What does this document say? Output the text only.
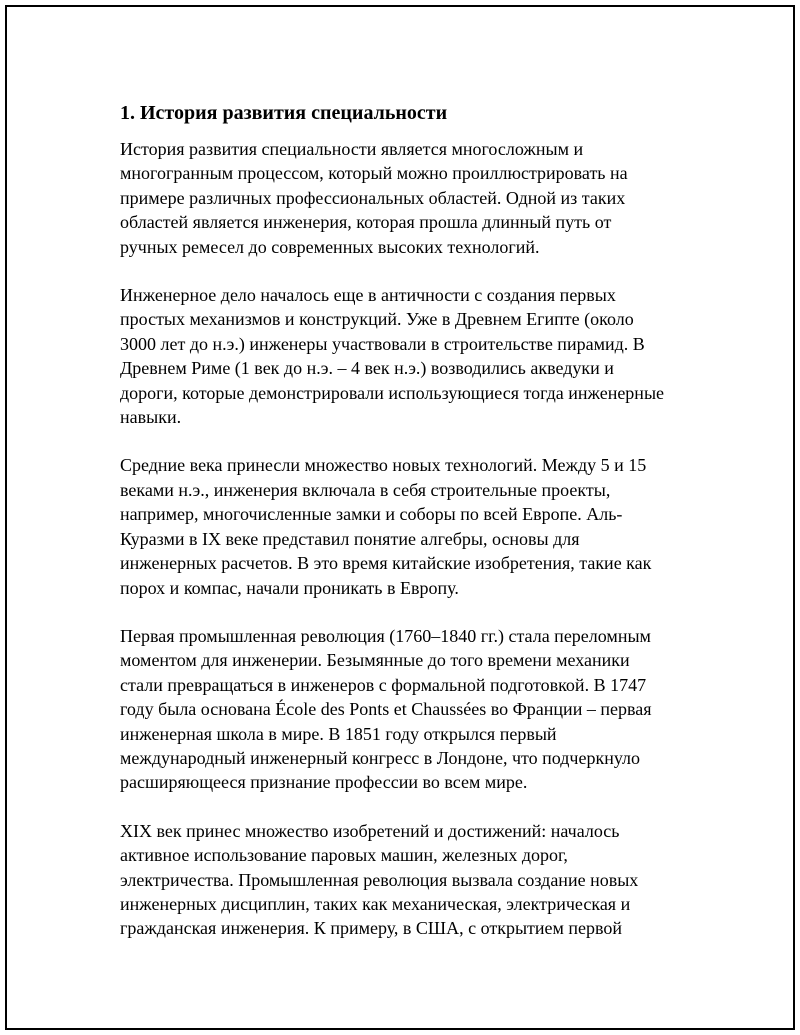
1. История развития специальности
История развития специальности является многосложным и
многогранным процессом, который можно проиллюстрировать на
примере различных профессиональных областей. Одной из таких
областей является инженерия, которая прошла длинный путь от
ручных ремесел до современных высоких технологий.
Инженерное дело началось еще в античности с создания первых
простых механизмов и конструкций. Уже в Древнем Египте (около
3000 лет до н.э.) инженеры участвовали в строительстве пирамид. В
Древнем Риме (1 век до н.э. – 4 век н.э.) возводились акведуки и
дороги, которые демонстрировали использующиеся тогда инженерные
навыки.
Средние века принесли множество новых технологий. Между 5 и 15
веками н.э., инженерия включала в себя строительные проекты,
например, многочисленные замки и соборы по всей Европе. Аль-
Куразми в IX веке представил понятие алгебры, основы для
инженерных расчетов. В это время китайские изобретения, такие как
порох и компас, начали проникать в Европу.
Первая промышленная революция (1760–1840 гг.) стала переломным
моментом для инженерии. Безымянные до того времени механики
стали превращаться в инженеров с формальной подготовкой. В 1747
году была основана École des Ponts et Chaussées во Франции – первая
инженерная школа в мире. В 1851 году открылся первый
международный инженерный конгресс в Лондоне, что подчеркнуло
расширяющееся признание профессии во всем мире.
XIX век принес множество изобретений и достижений: началось
активное использование паровых машин, железных дорог,
электричества. Промышленная революция вызвала создание новых
инженерных дисциплин, таких как механическая, электрическая и
гражданская инженерия. К примеру, в США, с открытием первой
